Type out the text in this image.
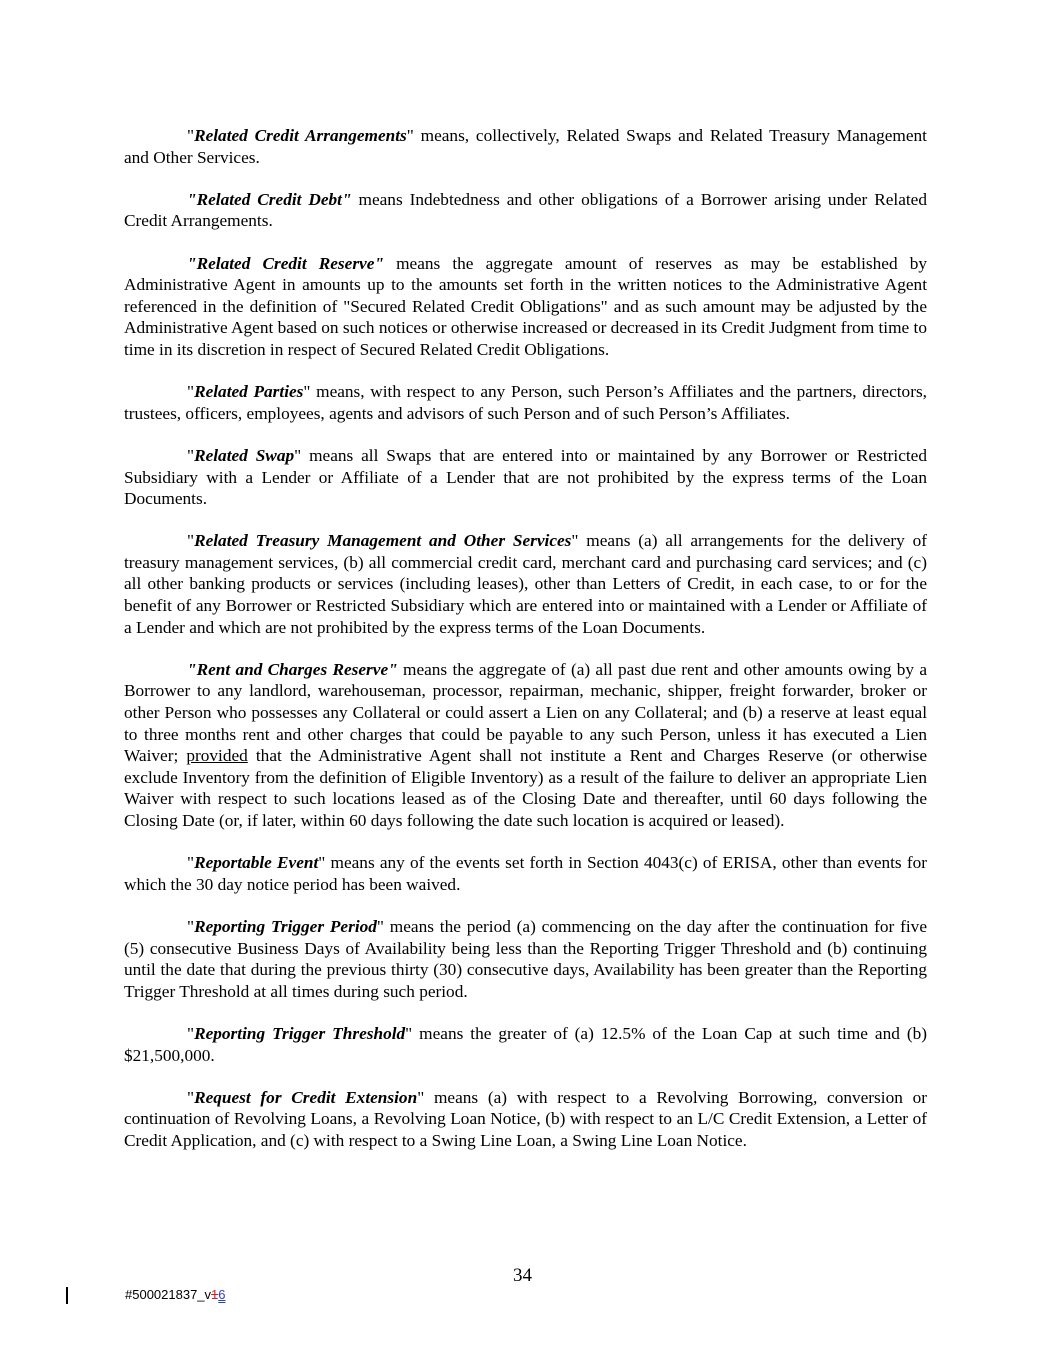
"Related Credit Arrangements" means, collectively, Related Swaps and Related Treasury Management and Other Services.

"Related Credit Debt" means Indebtedness and other obligations of a Borrower arising under Related Credit Arrangements.

"Related Credit Reserve" means the aggregate amount of reserves as may be established by Administrative Agent in amounts up to the amounts set forth in the written notices to the Administrative Agent referenced in the definition of "Secured Related Credit Obligations" and as such amount may be adjusted by the Administrative Agent based on such notices or otherwise increased or decreased in its Credit Judgment from time to time in its discretion in respect of Secured Related Credit Obligations.

"Related Parties" means, with respect to any Person, such Person’s Affiliates and the partners, directors, trustees, officers, employees, agents and advisors of such Person and of such Person’s Affiliates.

"Related Swap" means all Swaps that are entered into or maintained by any Borrower or Restricted Subsidiary with a Lender or Affiliate of a Lender that are not prohibited by the express terms of the Loan Documents.

"Related Treasury Management and Other Services" means (a) all arrangements for the delivery of treasury management services, (b) all commercial credit card, merchant card and purchasing card services; and (c) all other banking products or services (including leases), other than Letters of Credit, in each case, to or for the benefit of any Borrower or Restricted Subsidiary which are entered into or maintained with a Lender or Affiliate of a Lender and which are not prohibited by the express terms of the Loan Documents.

"Rent and Charges Reserve" means the aggregate of (a) all past due rent and other amounts owing by a Borrower to any landlord, warehouseman, processor, repairman, mechanic, shipper, freight forwarder, broker or other Person who possesses any Collateral or could assert a Lien on any Collateral; and (b) a reserve at least equal to three months rent and other charges that could be payable to any such Person, unless it has executed a Lien Waiver; provided that the Administrative Agent shall not institute a Rent and Charges Reserve (or otherwise exclude Inventory from the definition of Eligible Inventory) as a result of the failure to deliver an appropriate Lien Waiver with respect to such locations leased as of the Closing Date and thereafter, until 60 days following the Closing Date (or, if later, within 60 days following the date such location is acquired or leased).

"Reportable Event" means any of the events set forth in Section 4043(c) of ERISA, other than events for which the 30 day notice period has been waived.

"Reporting Trigger Period" means the period (a) commencing on the day after the continuation for five (5) consecutive Business Days of Availability being less than the Reporting Trigger Threshold and (b) continuing until the date that during the previous thirty (30) consecutive days, Availability has been greater than the Reporting Trigger Threshold at all times during such period.

"Reporting Trigger Threshold" means the greater of (a) 12.5% of the Loan Cap at such time and (b) $21,500,000.

"Request for Credit Extension" means (a) with respect to a Revolving Borrowing, conversion or continuation of Revolving Loans, a Revolving Loan Notice, (b) with respect to an L/C Credit Extension, a Letter of Credit Application, and (c) with respect to a Swing Line Loan, a Swing Line Loan Notice.

34
#500021837_v16
